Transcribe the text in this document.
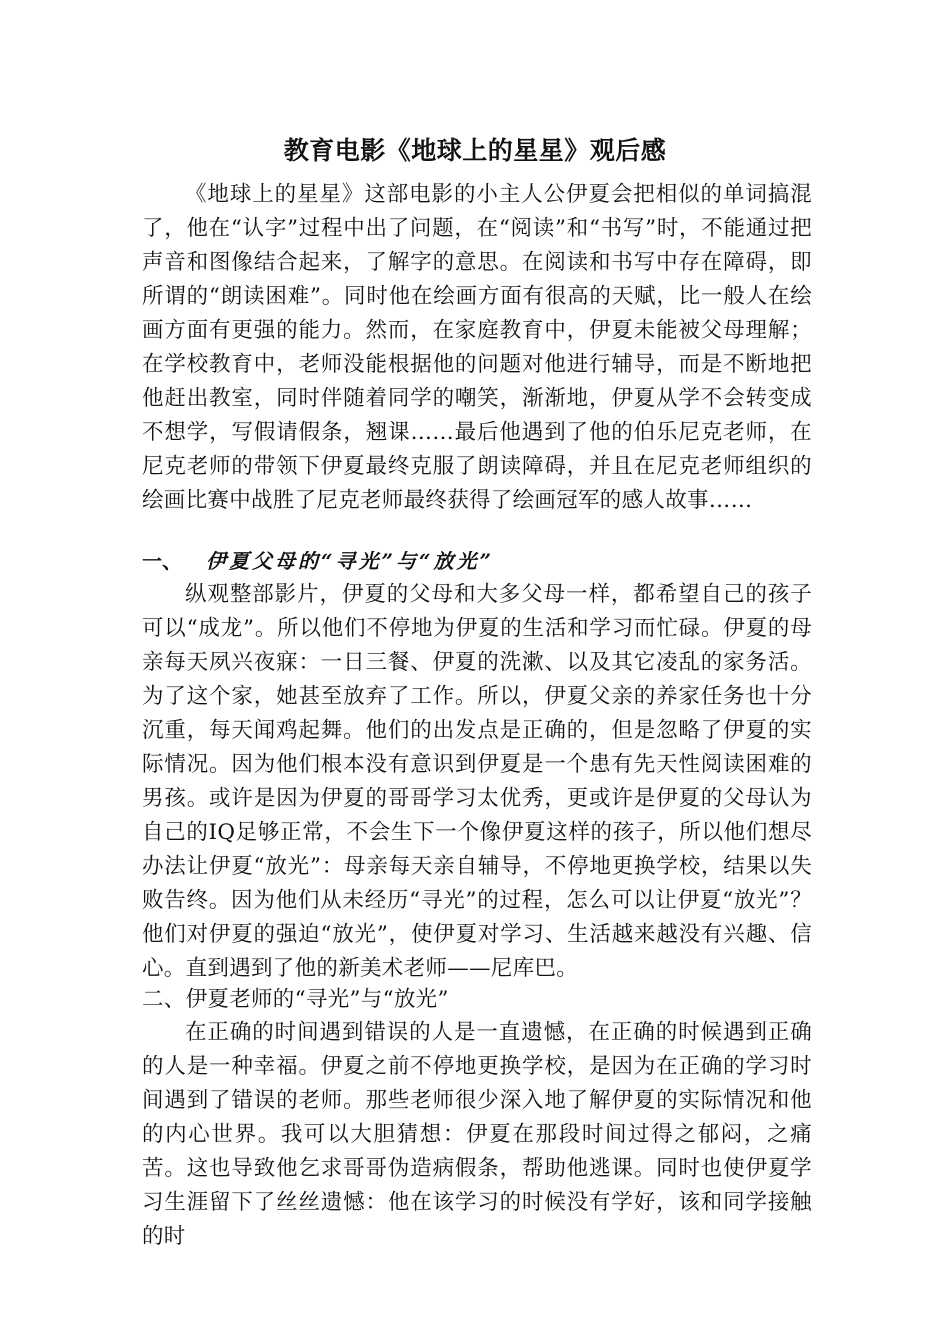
教育电影《地球上的星星》观后感

《地球上的星星》这部电影的小主人公伊夏会把相似的单词搞混了，他在“认字”过程中出了问题，在“阅读”和“书写”时，不能通过把声音和图像结合起来，了解字的意思。在阅读和书写中存在障碍，即所谓的“朗读困难”。同时他在绘画方面有很高的天赋，比一般人在绘画方面有更强的能力。然而，在家庭教育中，伊夏未能被父母理解；在学校教育中，老师没能根据他的问题对他进行辅导，而是不断地把他赶出教室，同时伴随着同学的嘲笑，渐渐地，伊夏从学不会转变成不想学，写假请假条，翘课……最后他遇到了他的伯乐尼克老师，在尼克老师的带领下伊夏最终克服了朗读障碍，并且在尼克老师组织的绘画比赛中战胜了尼克老师最终获得了绘画冠军的感人故事……

一、 伊夏父母的“寻光”与“放光”

纵观整部影片，伊夏的父母和大多父母一样，都希望自己的孩子可以“成龙”。所以他们不停地为伊夏的生活和学习而忙碌。伊夏的母亲每天夙兴夜寐：一日三餐、伊夏的洗漱、以及其它凌乱的家务活。为了这个家，她甚至放弃了工作。所以，伊夏父亲的养家任务也十分沉重，每天闻鸡起舞。他们的出发点是正确的，但是忽略了伊夏的实际情况。因为他们根本没有意识到伊夏是一个患有先天性阅读困难的男孩。或许是因为伊夏的哥哥学习太优秀，更或许是伊夏的父母认为自己的IQ足够正常，不会生下一个像伊夏这样的孩子，所以他们想尽办法让伊夏“放光”：母亲每天亲自辅导，不停地更换学校，结果以失败告终。因为他们从未经历“寻光”的过程，怎么可以让伊夏“放光”？他们对伊夏的强迫“放光”，使伊夏对学习、生活越来越没有兴趣、信心。直到遇到了他的新美术老师——尼库巴。

二、伊夏老师的“寻光”与“放光”

在正确的时间遇到错误的人是一直遗憾，在正确的时候遇到正确的人是一种幸福。伊夏之前不停地更换学校，是因为在正确的学习时间遇到了错误的老师。那些老师很少深入地了解伊夏的实际情况和他的内心世界。我可以大胆猜想：伊夏在那段时间过得之郁闷，之痛苦。这也导致他乞求哥哥伪造病假条，帮助他逃课。同时也使伊夏学习生涯留下了丝丝遗憾：他在该学习的时候没有学好，该和同学接触的时
